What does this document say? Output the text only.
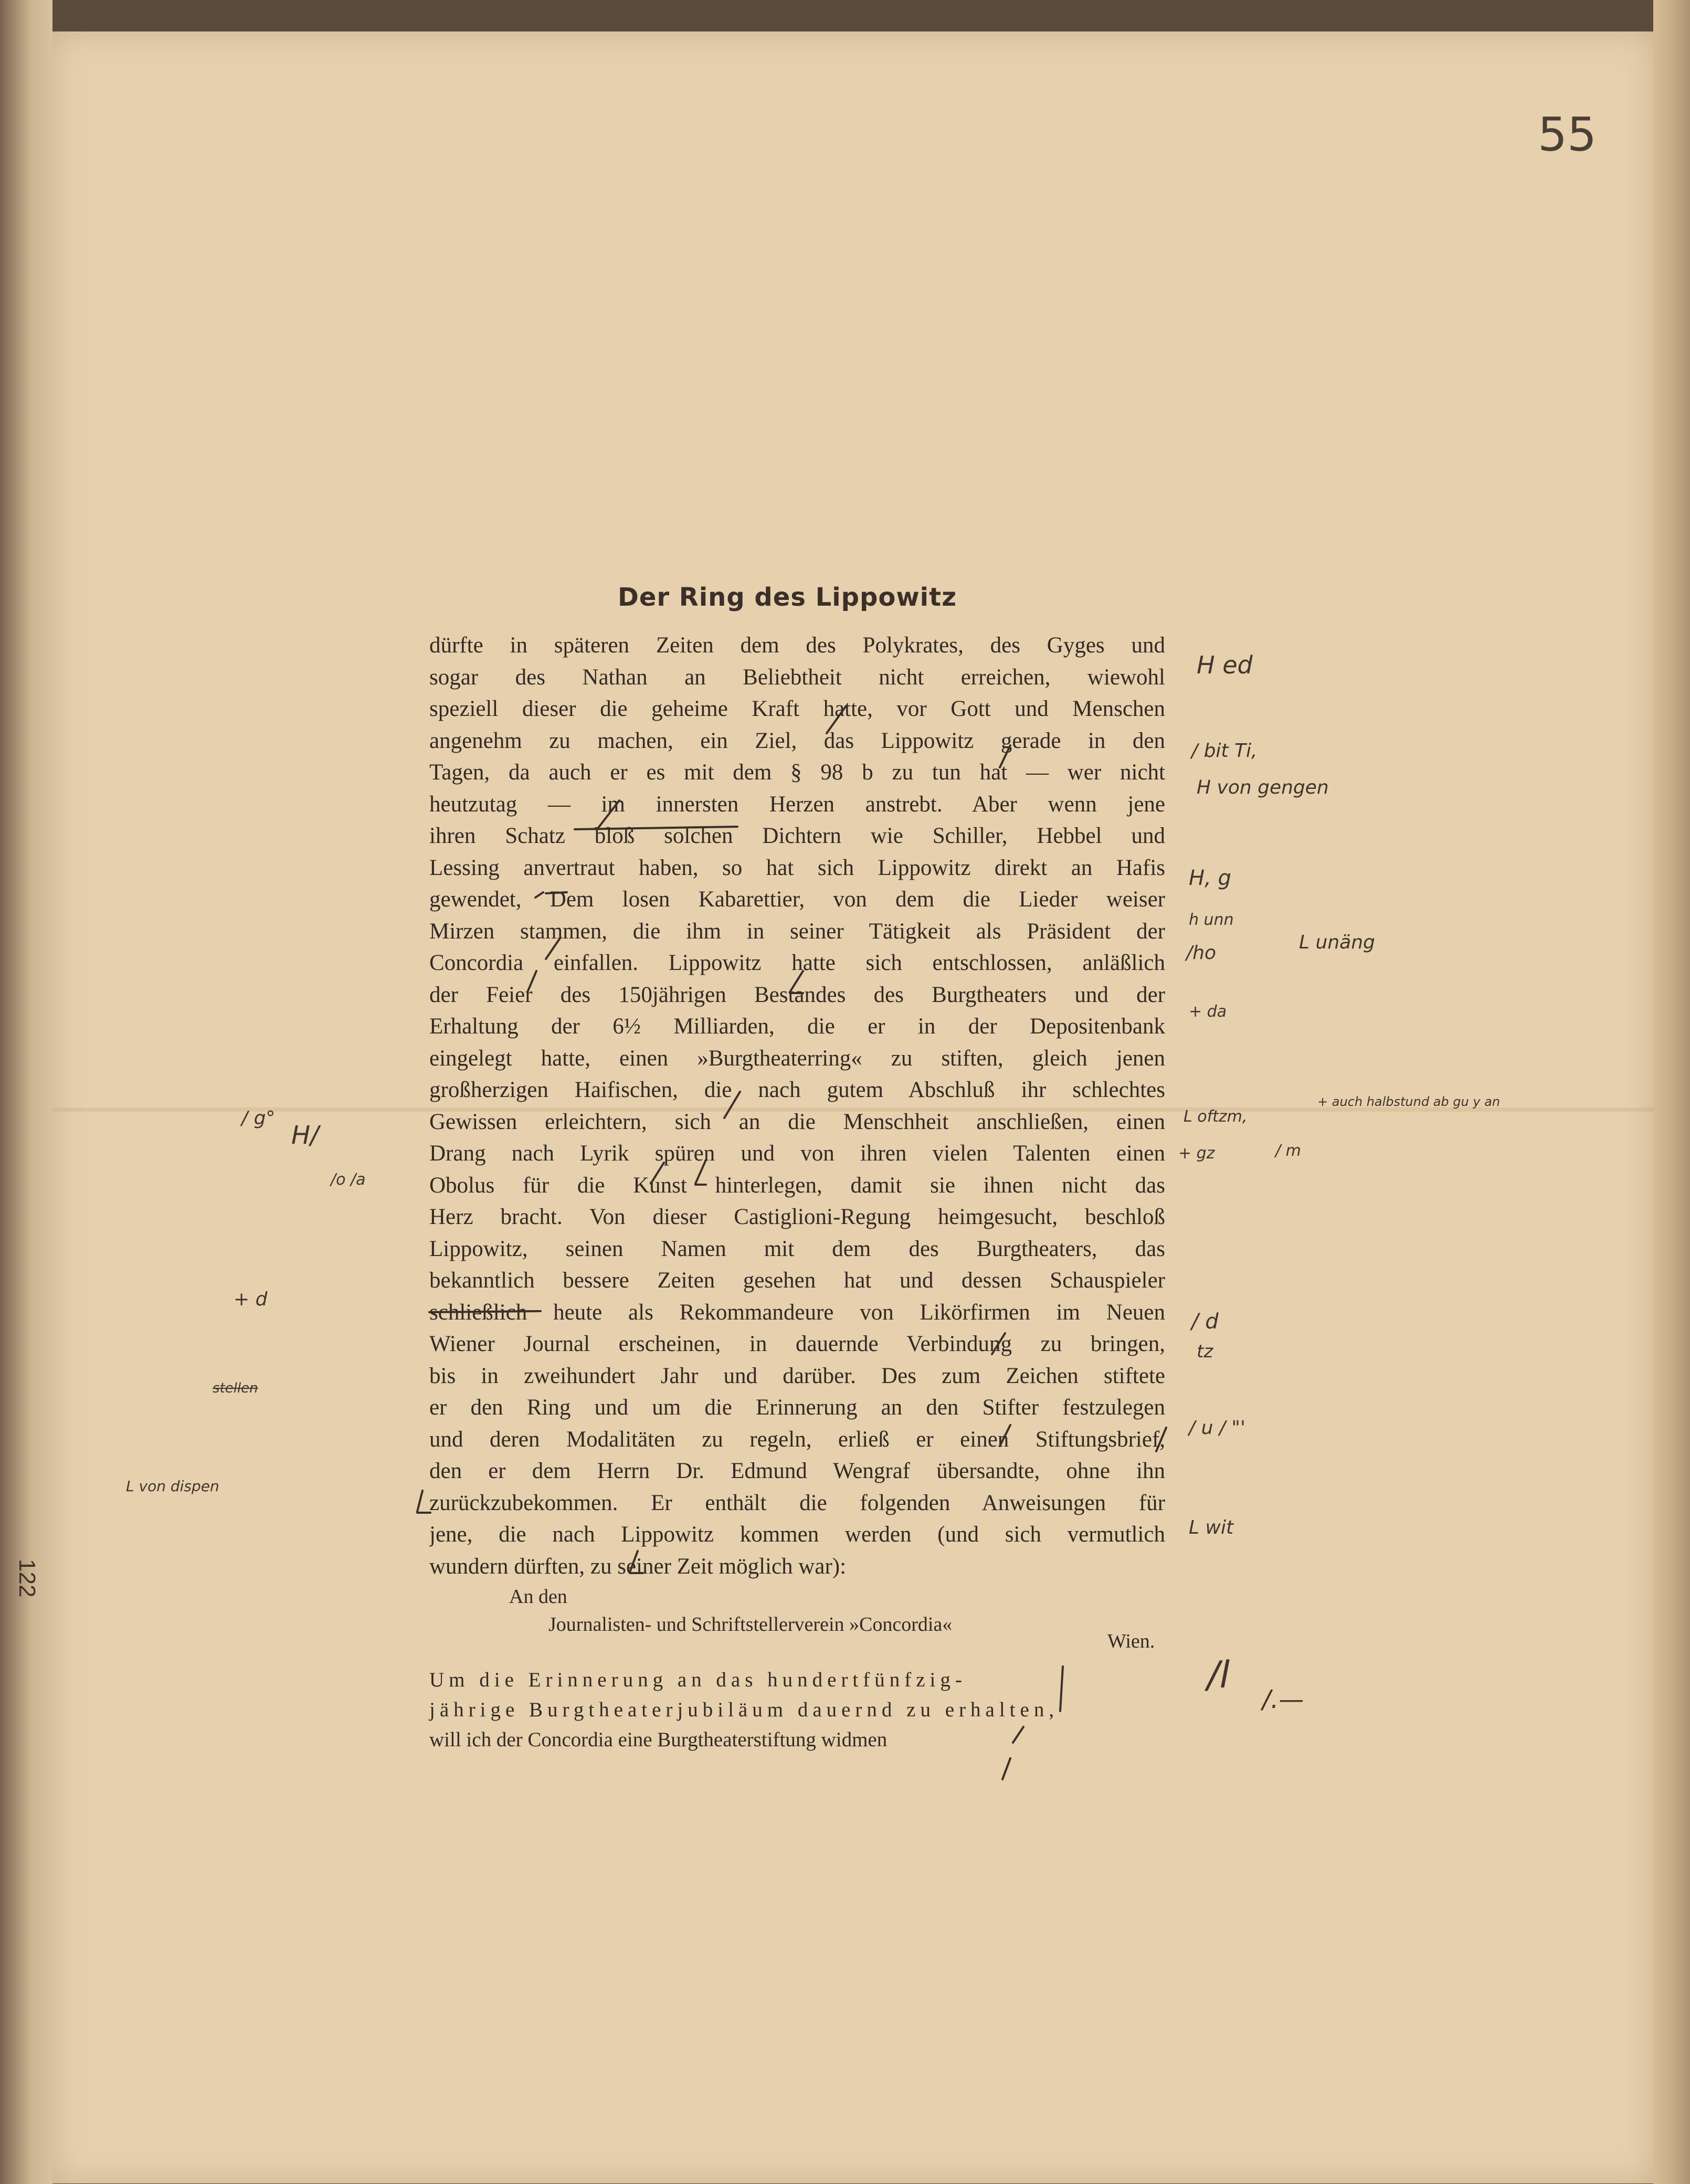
55
122
Der Ring des Lippowitz
dürfte in späteren Zeiten dem des Polykrates, des Gyges und
sogar des Nathan an Beliebtheit nicht erreichen, wiewohl
speziell dieser die geheime Kraft hatte, vor Gott und Menschen
angenehm zu machen, ein Ziel, das Lippowitz gerade in den
Tagen, da auch er es mit dem § 98 b zu tun hat — wer nicht
heutzutag — im innersten Herzen anstrebt. Aber wenn jene
ihren Schatz bloß solchen Dichtern wie Schiller, Hebbel und
Lessing anvertraut haben, so hat sich Lippowitz direkt an Hafis
gewendet, Dem losen Kabarettier, von dem die Lieder weiser
Mirzen stammen, die ihm in seiner Tätigkeit als Präsident der
Concordia einfallen. Lippowitz hatte sich entschlossen, anläßlich
der Feier des 150jährigen Bestandes des Burgtheaters und der
Erhaltung der 6½ Milliarden, die er in der Depositenbank
eingelegt hatte, einen »Burgtheaterring« zu stiften, gleich jenen
großherzigen Haifischen, die nach gutem Abschluß ihr schlechtes
Gewissen erleichtern, sich an die Menschheit anschließen, einen
Drang nach Lyrik spüren und von ihren vielen Talenten einen
Obolus für die Kunst hinterlegen, damit sie ihnen nicht das
Herz bracht. Von dieser Castiglioni-Regung heimgesucht, beschloß
Lippowitz, seinen Namen mit dem des Burgtheaters, das
bekanntlich bessere Zeiten gesehen hat und dessen Schauspieler
schließlich heute als Rekommandeure von Likörfirmen im Neuen
Wiener Journal erscheinen, in dauernde Verbindung zu bringen,
bis in zweihundert Jahr und darüber. Des zum Zeichen stiftete
er den Ring und um die Erinnerung an den Stifter festzulegen
und deren Modalitäten zu regeln, erließ er einen Stiftungsbrief,
den er dem Herrn Dr. Edmund Wengraf übersandte, ohne ihn
zurückzubekommen. Er enthält die folgenden Anweisungen für
jene, die nach Lippowitz kommen werden (und sich vermutlich
wundern dürften, zu seiner Zeit möglich war):
An den
Journalisten- und Schriftstellerverein »Concordia«
Wien.
Um die Erinnerung an das hundertfünfzig-
jährige Burgtheaterjubiläum dauernd zu erhalten,
will ich der Concordia eine Burgtheaterstiftung widmen
H ed
/ bit Ti,
H von gengen
H, g
h unn
/ho	L unäng
+ da
L oftzm,
+ auch halbstund ab gu y an
+ gz	/ m
/ d
tz
/ u / "'
L wit
/l
/.—
/ g°
H/
/o /a
+ d
stellen
L von dispen
